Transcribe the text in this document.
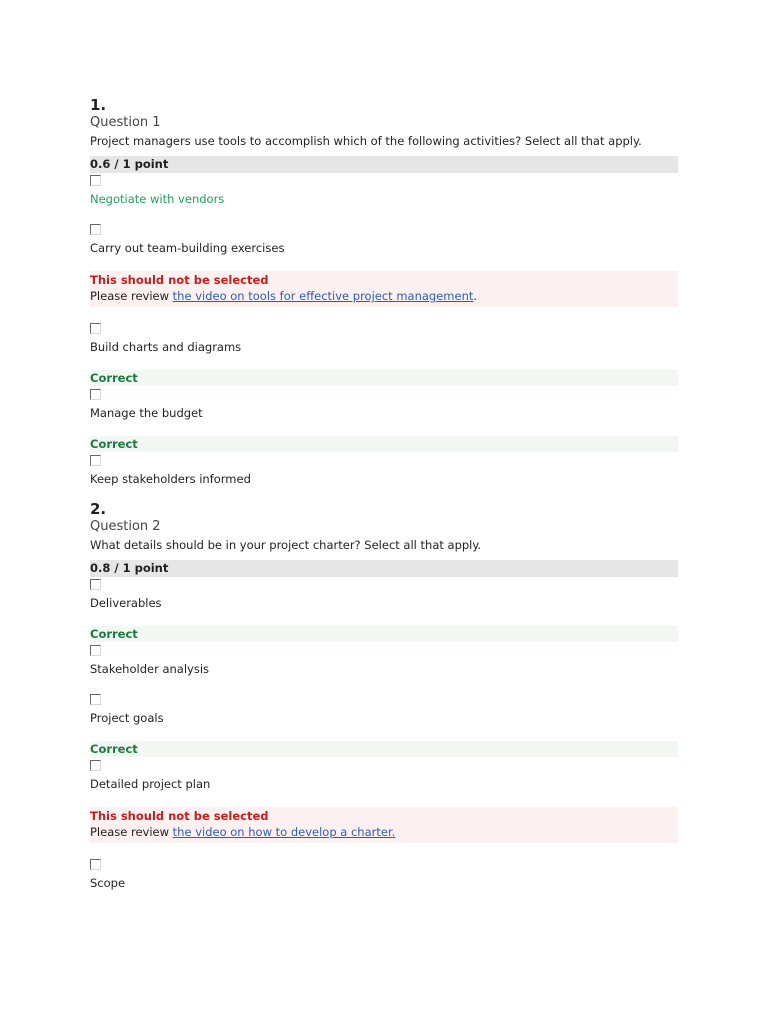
1.
Question 1
Project managers use tools to accomplish which of the following activities? Select all that apply.
0.6 / 1 point
Negotiate with vendors
Carry out team-building exercises
This should not be selected
Please review the video on tools for effective project management.
Build charts and diagrams
Correct
Manage the budget
Correct
Keep stakeholders informed
2.
Question 2
What details should be in your project charter? Select all that apply.
0.8 / 1 point
Deliverables
Correct
Stakeholder analysis
Project goals
Correct
Detailed project plan
This should not be selected
Please review the video on how to develop a charter.
Scope
